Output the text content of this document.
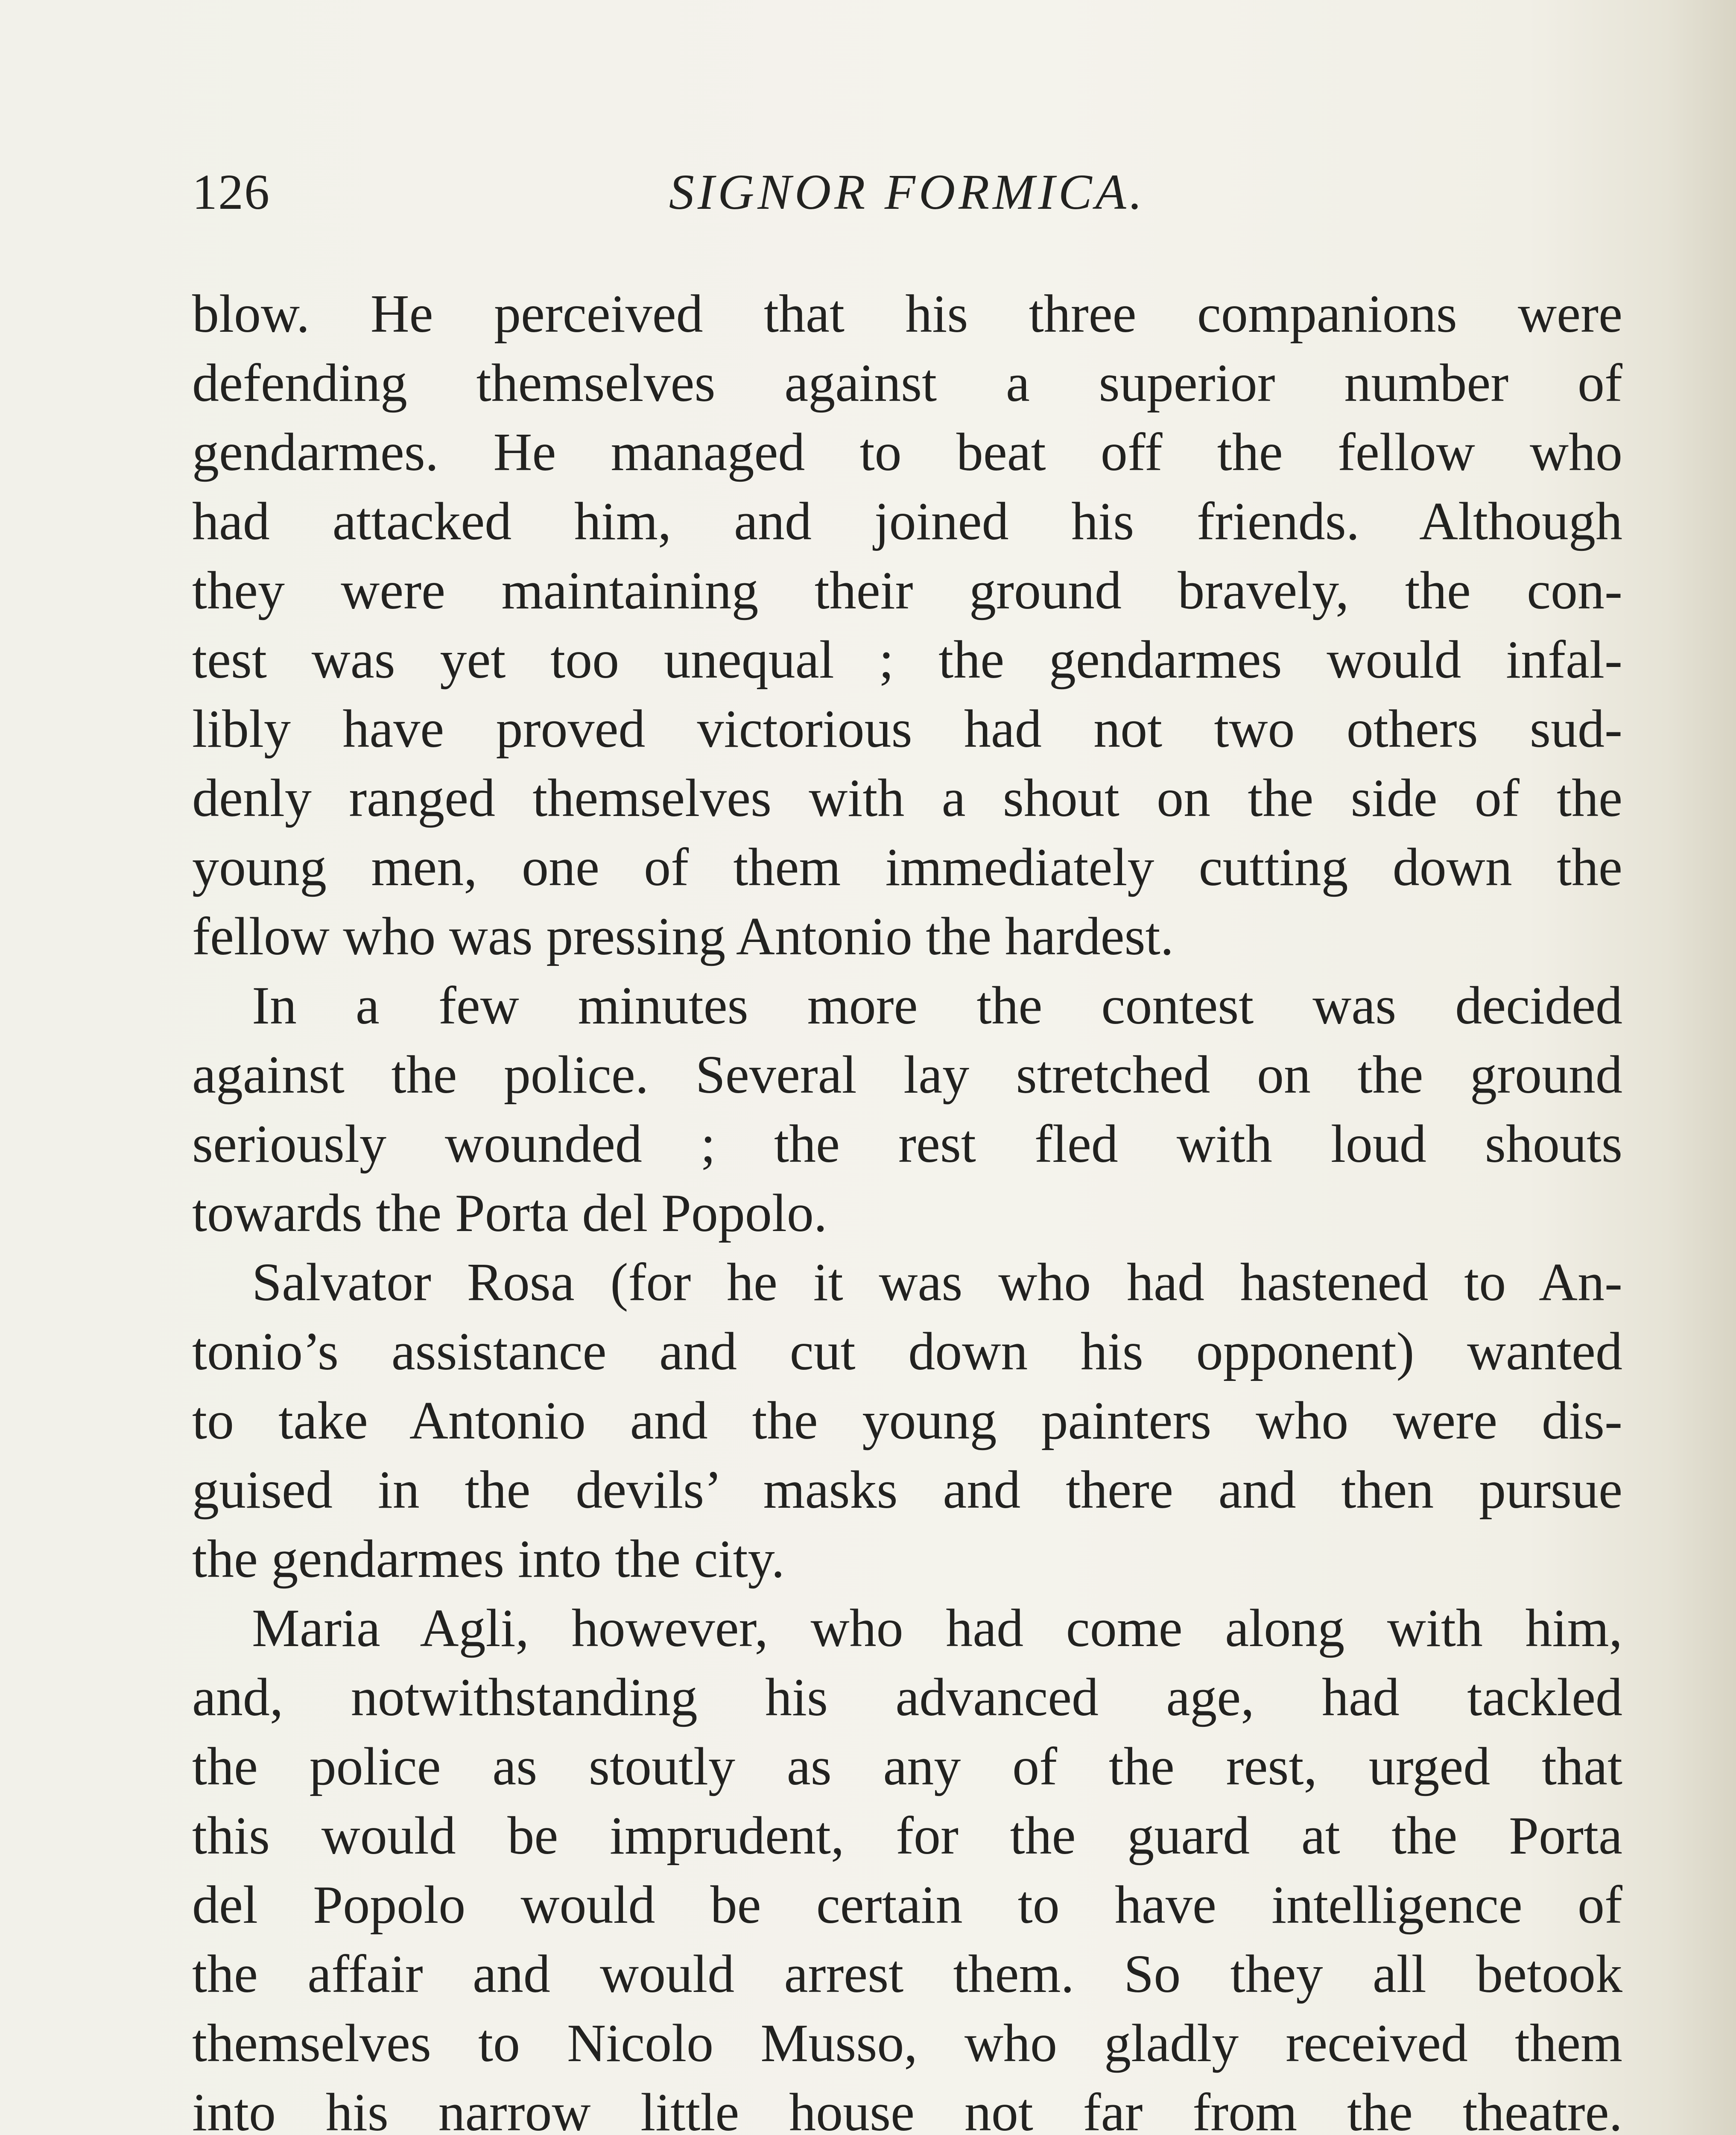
126	SIGNOR FORMICA.
blow. He perceived that his three companions were
defending themselves against a superior number of
gendarmes. He managed to beat off the fellow who
had attacked him, and joined his friends. Although
they were maintaining their ground bravely, the con-
test was yet too unequal ; the gendarmes would infal-
libly have proved victorious had not two others sud-
denly ranged themselves with a shout on the side of the
young men, one of them immediately cutting down the
fellow who was pressing Antonio the hardest.
In a few minutes more the contest was decided
against the police. Several lay stretched on the ground
seriously wounded ; the rest fled with loud shouts
towards the Porta del Popolo.
Salvator Rosa (for he it was who had hastened to An-
tonio’s assistance and cut down his opponent) wanted
to take Antonio and the young painters who were dis-
guised in the devils’ masks and there and then pursue
the gendarmes into the city.
Maria Agli, however, who had come along with him,
and, notwithstanding his advanced age, had tackled
the police as stoutly as any of the rest, urged that
this would be imprudent, for the guard at the Porta
del Popolo would be certain to have intelligence of
the affair and would arrest them. So they all betook
themselves to Nicolo Musso, who gladly received them
into his narrow little house not far from the theatre.
